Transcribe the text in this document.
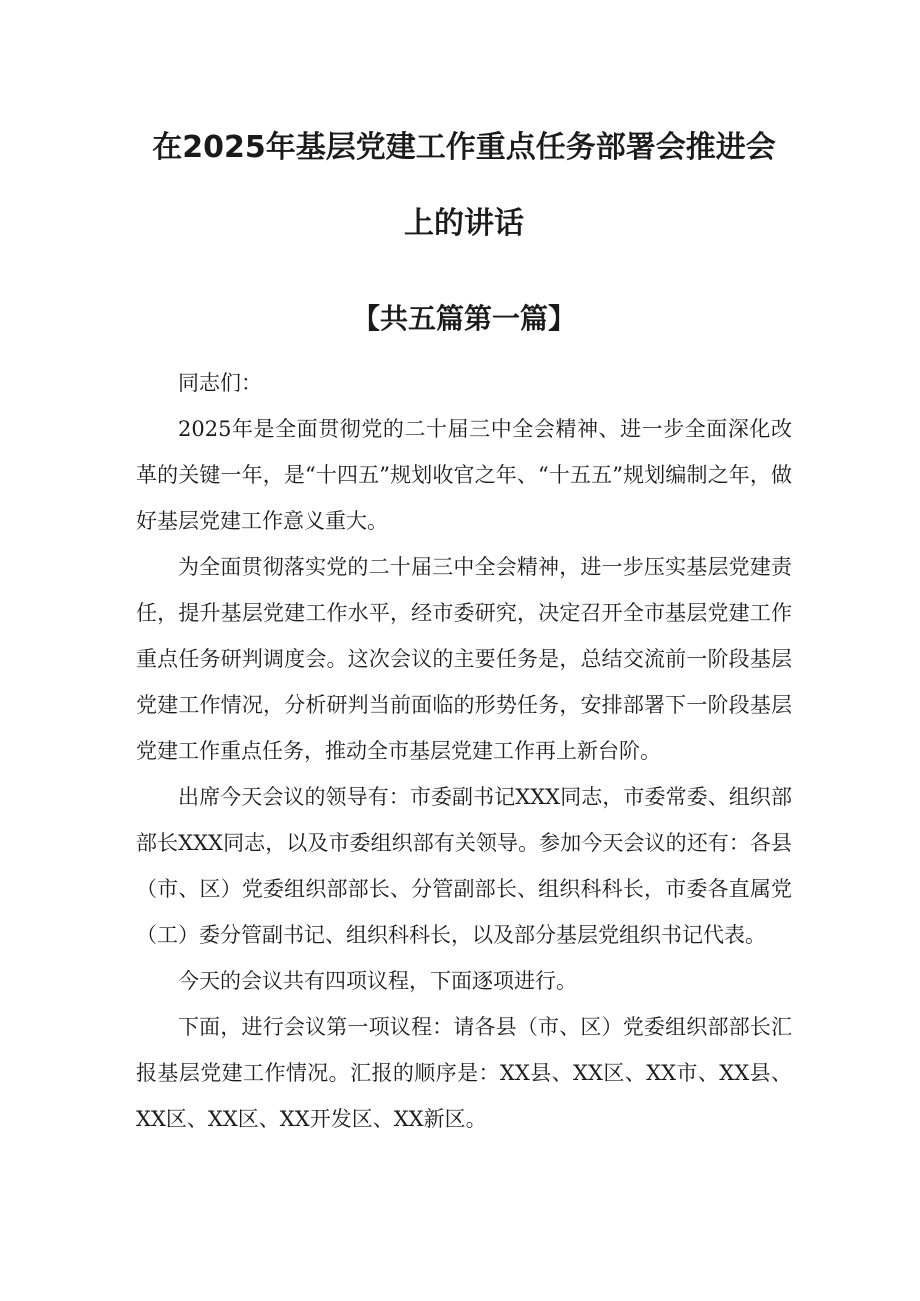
在2025年基层党建工作重点任务部署会推进会
上的讲话
【共五篇第一篇】

同志们：

2025年是全面贯彻党的二十届三中全会精神、进一步全面深化改革的关键一年，是“十四五”规划收官之年、“十五五”规划编制之年，做好基层党建工作意义重大。

为全面贯彻落实党的二十届三中全会精神，进一步压实基层党建责任，提升基层党建工作水平，经市委研究，决定召开全市基层党建工作重点任务研判调度会。这次会议的主要任务是，总结交流前一阶段基层党建工作情况，分析研判当前面临的形势任务，安排部署下一阶段基层党建工作重点任务，推动全市基层党建工作再上新台阶。

出席今天会议的领导有：市委副书记XXX同志，市委常委、组织部部长XXX同志，以及市委组织部有关领导。参加今天会议的还有：各县（市、区）党委组织部部长、分管副部长、组织科科长，市委各直属党（工）委分管副书记、组织科科长，以及部分基层党组织书记代表。

今天的会议共有四项议程，下面逐项进行。

下面，进行会议第一项议程：请各县（市、区）党委组织部部长汇报基层党建工作情况。汇报的顺序是：XX县、XX区、XX市、XX县、XX区、XX区、XX开发区、XX新区。
